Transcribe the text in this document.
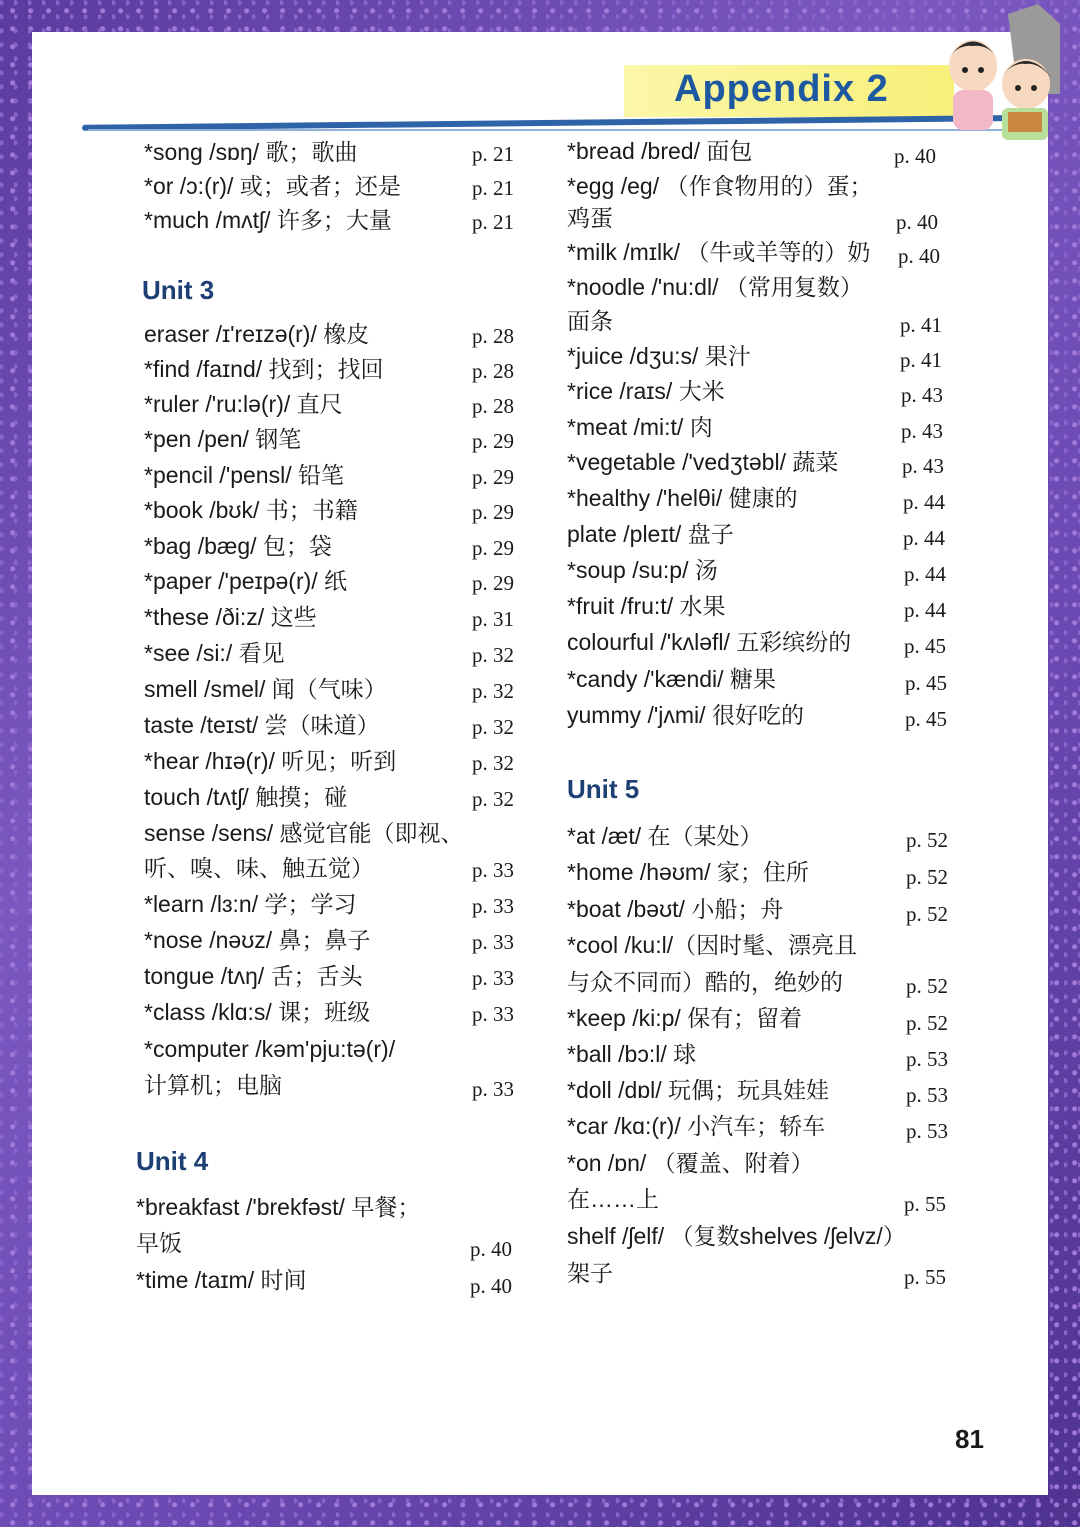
Appendix 2
*song /sɒŋ/ 歌；歌曲	p. 21
*or /ɔ:(r)/ 或；或者；还是	p. 21
*much /mʌtʃ/ 许多；大量	p. 21
Unit 3
eraser /ɪ'reɪzə(r)/ 橡皮	p. 28
*find /faɪnd/ 找到；找回	p. 28
*ruler /'ru:lə(r)/ 直尺	p. 28
*pen /pen/ 钢笔	p. 29
*pencil /'pensl/ 铅笔	p. 29
*book /bʊk/ 书；书籍	p. 29
*bag /bæg/ 包；袋	p. 29
*paper /'peɪpə(r)/ 纸	p. 29
*these /ði:z/ 这些	p. 31
*see /si:/ 看见	p. 32
smell /smel/ 闻（气味）	p. 32
taste /teɪst/ 尝（味道）	p. 32
*hear /hɪə(r)/ 听见；听到	p. 32
touch /tʌtʃ/ 触摸；碰	p. 32
sense /sens/ 感觉官能（即视、
听、嗅、味、触五觉）	p. 33
*learn /lɜ:n/ 学；学习	p. 33
*nose /nəʊz/ 鼻；鼻子	p. 33
tongue /tʌŋ/ 舌；舌头	p. 33
*class /klɑ:s/ 课；班级	p. 33
*computer /kəm'pju:tə(r)/
计算机；电脑	p. 33
Unit 4
*breakfast /'brekfəst/ 早餐；
早饭	p. 40
*time /taɪm/ 时间	p. 40
*bread /bred/ 面包	p. 40
*egg /eg/ （作食物用的）蛋；
鸡蛋	p. 40
*milk /mɪlk/ （牛或羊等的）奶 p. 40
*noodle /'nu:dl/ （常用复数）
面条	p. 41
*juice /dʒu:s/ 果汁	p. 41
*rice /raɪs/ 大米	p. 43
*meat /mi:t/ 肉	p. 43
*vegetable /'vedʒtəbl/ 蔬菜	p. 43
*healthy /'helθi/ 健康的	p. 44
plate /pleɪt/ 盘子	p. 44
*soup /su:p/ 汤	p. 44
*fruit /fru:t/ 水果	p. 44
colourful /'kʌləfl/ 五彩缤纷的	p. 45
*candy /'kændi/ 糖果	p. 45
yummy /'jʌmi/ 很好吃的	p. 45
Unit 5
*at /æt/ 在（某处）	p. 52
*home /həʊm/ 家；住所	p. 52
*boat /bəʊt/ 小船；舟	p. 52
*cool /ku:l/（因时髦、漂亮且
与众不同而）酷的，绝妙的	p. 52
*keep /ki:p/ 保有；留着	p. 52
*ball /bɔ:l/ 球	p. 53
*doll /dɒl/ 玩偶；玩具娃娃	p. 53
*car /kɑ:(r)/ 小汽车；轿车	p. 53
*on /ɒn/ （覆盖、附着）
在……上	p. 55
shelf /ʃelf/ （复数shelves /ʃelvz/）
架子	p. 55
81
